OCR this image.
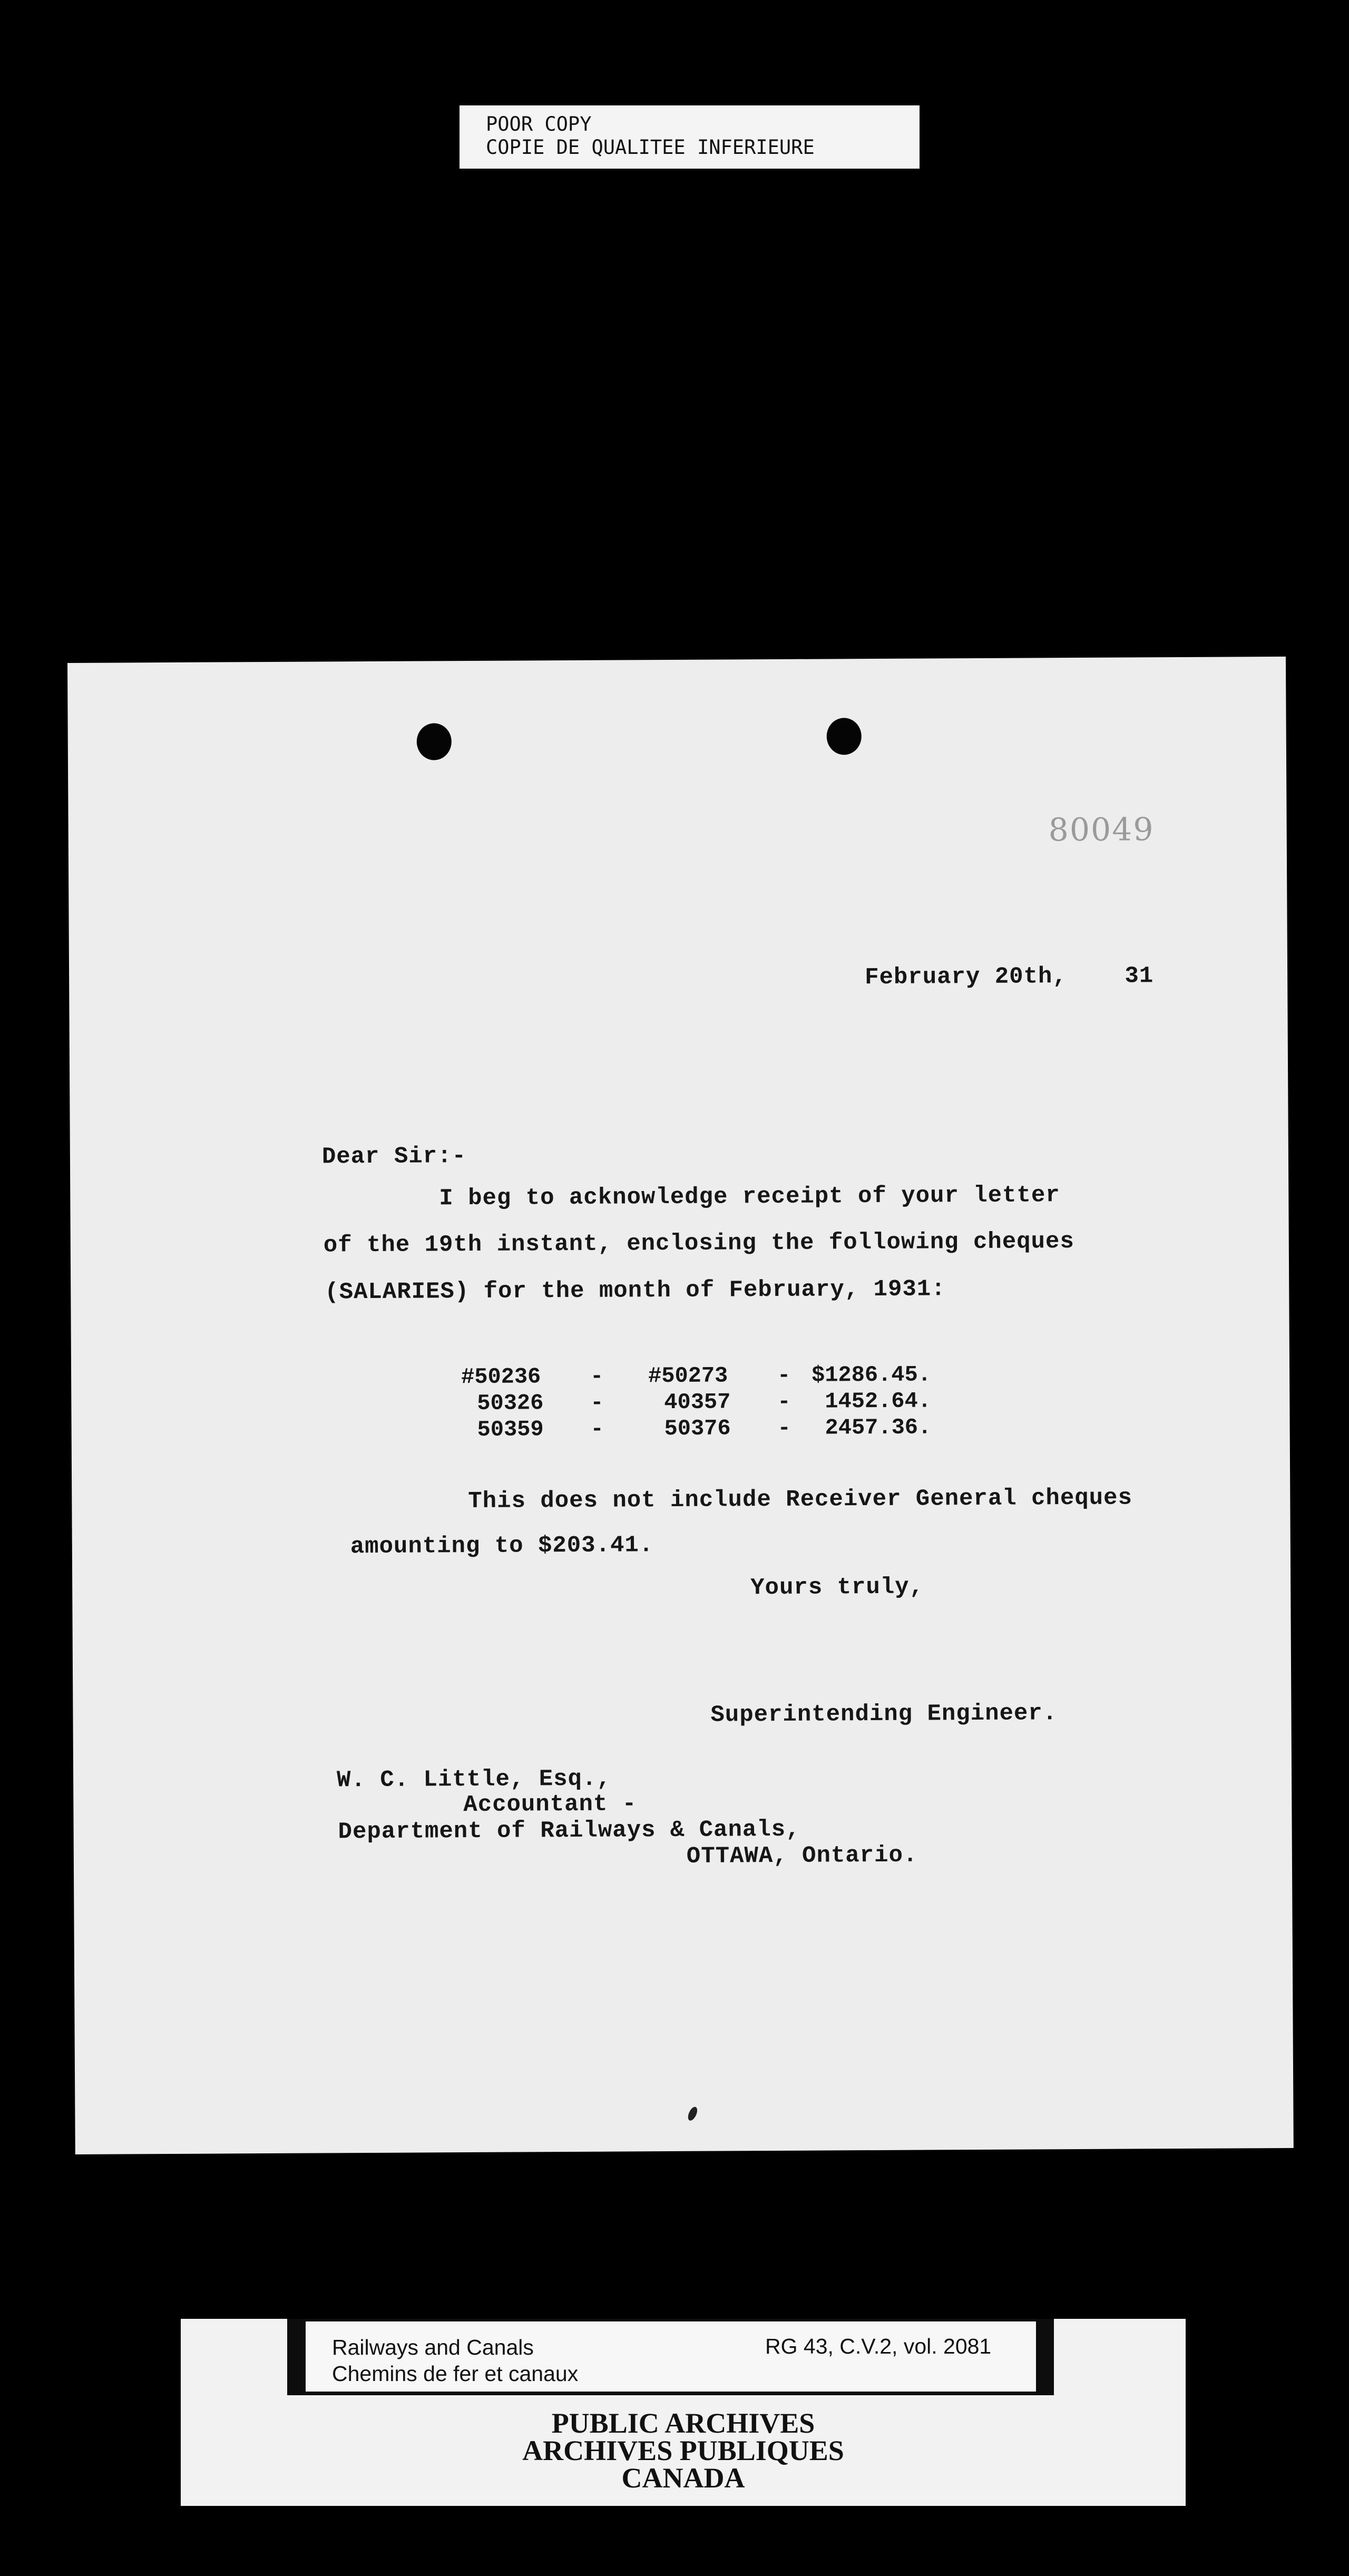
POOR COPY
COPIE DE QUALITEE INFERIEURE
80049
February 20th,    31
Dear Sir:-
I beg to acknowledge receipt of your letter
of the 19th instant, enclosing the following cheques
(SALARIES) for the month of February, 1931:
#50236 - #50273 - $1286.45.
50326 -	40357 - 1452.64.
50359 -	50376 - 2457.36.
This does not include Receiver General cheques
amounting to $203.41.
Yours truly,
Superintending Engineer.
W. C. Little, Esq.,
Accountant -
Department of Railways & Canals,
OTTAWA, Ontario.
Railways and Canals
Chemins de fer et canaux
RG 43, C.V.2, vol. 2081
PUBLIC ARCHIVES
ARCHIVES PUBLIQUES
CANADA
